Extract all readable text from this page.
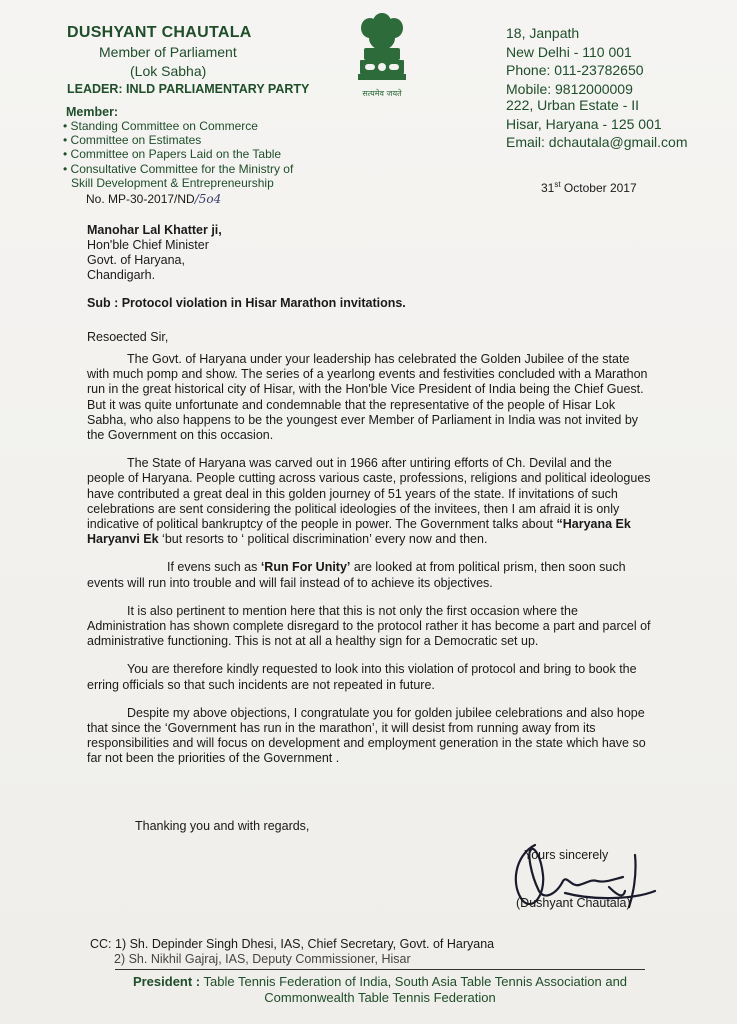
DUSHYANT CHAUTALA
Member of Parliament
(Lok Sabha)
LEADER: INLD PARLIAMENTARY PARTY
Member:
• Standing Committee on Commerce
• Committee on Estimates
• Committee on Papers Laid on the Table
• Consultative Committee for the Ministry of
Skill Development & Entrepreneurship
No. MP-30-2017/ND/5o4
सत्यमेव जयते
18, Janpath
New Delhi - 110 001
Phone: 011-23782650
Mobile: 9812000009
222, Urban Estate - II
Hisar, Haryana - 125 001
Email: dchautala@gmail.com
31st October 2017
Manohar Lal Khatter ji,
Hon'ble Chief Minister
Govt. of Haryana,
Chandigarh.
Sub : Protocol violation in Hisar Marathon invitations.
Resoected Sir,

The Govt. of Haryana under your leadership has celebrated the Golden Jubilee of the state with much pomp and show. The series of a yearlong events and festivities concluded with a Marathon run in the great historical city of Hisar, with the Hon'ble Vice President of India being the Chief Guest. But it was quite unfortunate and condemnable that the representative of the people of Hisar Lok Sabha, who also happens to be the youngest ever Member of Parliament in India was not invited by the Government on this occasion.

The State of Haryana was carved out in 1966 after untiring efforts of Ch. Devilal and the people of Haryana. People cutting across various caste, professions, religions and political ideologues have contributed a great deal in this golden journey of 51 years of the state. If invitations of such celebrations are sent considering the political ideologies of the invitees, then I am afraid it is only indicative of political bankruptcy of the people in power. The Government talks about “Haryana Ek Haryanvi Ek ‘but resorts to ‘ political discrimination’ every now and then.

If evens such as ‘Run For Unity’ are looked at from political prism, then soon such events will run into trouble and will fail instead of to achieve its objectives.

It is also pertinent to mention here that this is not only the first occasion where the Administration has shown complete disregard to the protocol rather it has become a part and parcel of administrative functioning. This is not at all a healthy sign for a Democratic set up.

You are therefore kindly requested to look into this violation of protocol and bring to book the erring officials so that such incidents are not repeated in future.

Despite my above objections, I congratulate you for golden jubilee celebrations and also hope that since the ‘Government has run in the marathon’, it will desist from running away from its responsibilities and will focus on development and employment generation in the state which have so far not been the priorities of the Government .

Thanking you and with regards,
Yours sincerely
(Dushyant Chautala)
CC: 1) Sh. Depinder Singh Dhesi, IAS, Chief Secretary, Govt. of Haryana
2) Sh. Nikhil Gajraj, IAS, Deputy Commissioner, Hisar
President : Table Tennis Federation of India, South Asia Table Tennis Association and
Commonwealth Table Tennis Federation
